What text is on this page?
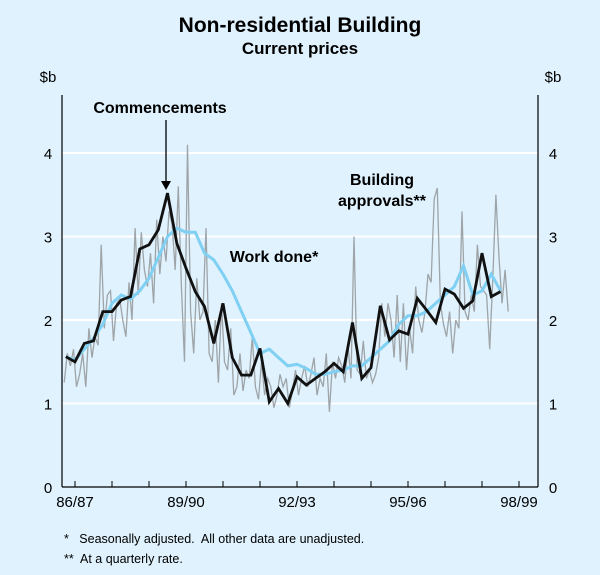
Non-residential Building
Current prices
$b	$b
0	0
1	1
2	2
3	3
4	4
86/87	89/90	92/93	95/96	98/99
Commencements
Work done*
Building
approvals**
*   Seasonally adjusted.  All other data are unadjusted.
**  At a quarterly rate.
